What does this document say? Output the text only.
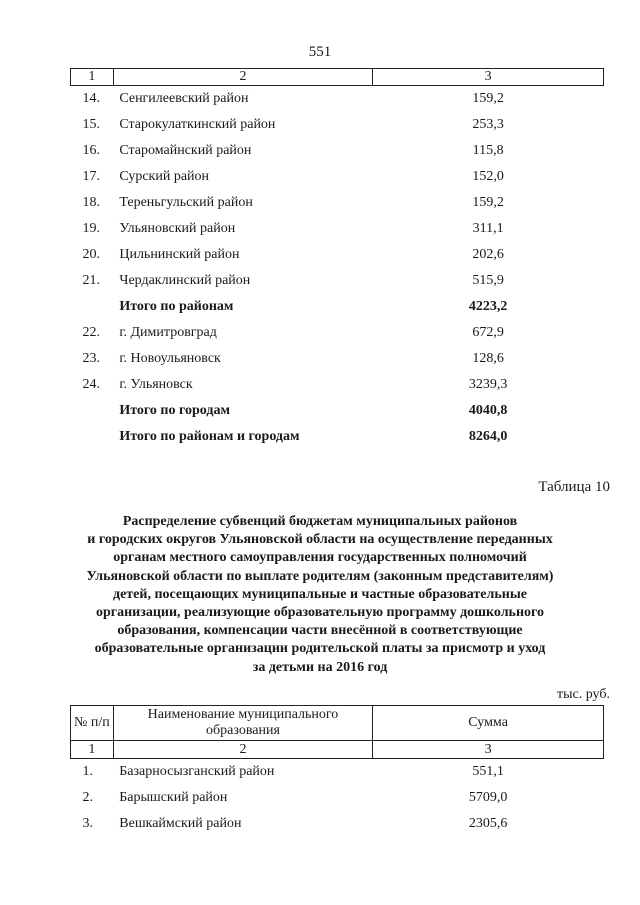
551
1	2	3
14.	Сенгилеевский район	159,2
15.	Старокулаткинский район	253,3
16.	Старомайнский район	115,8
17.	Сурский район	152,0
18.	Тереньгульский район	159,2
19.	Ульяновский район	311,1
20.	Цильнинский район	202,6
21.	Чердаклинский район	515,9
	Итого по районам	4223,2
22.	г. Димитровград	672,9
23.	г. Новоульяновск	128,6
24.	г. Ульяновск	3239,3
	Итого по городам	4040,8
	Итого по районам и городам	8264,0
Таблица 10
Распределение субвенций бюджетам муниципальных районов
и городских округов Ульяновской области на осуществление переданных
органам местного самоуправления государственных полномочий
Ульяновской области по выплате родителям (законным представителям)
детей, посещающих муниципальные и частные образовательные
организации, реализующие образовательную программу дошкольного
образования, компенсации части внесённой в соответствующие
образовательные организации родительской платы за присмотр и уход
за детьми на 2016 год
тыс. руб.
№ п/п	Наименование муниципального образования	Сумма
1	2	3
1.	Базарносызганский район	551,1
2.	Барышский район	5709,0
3.	Вешкаймский район	2305,6
